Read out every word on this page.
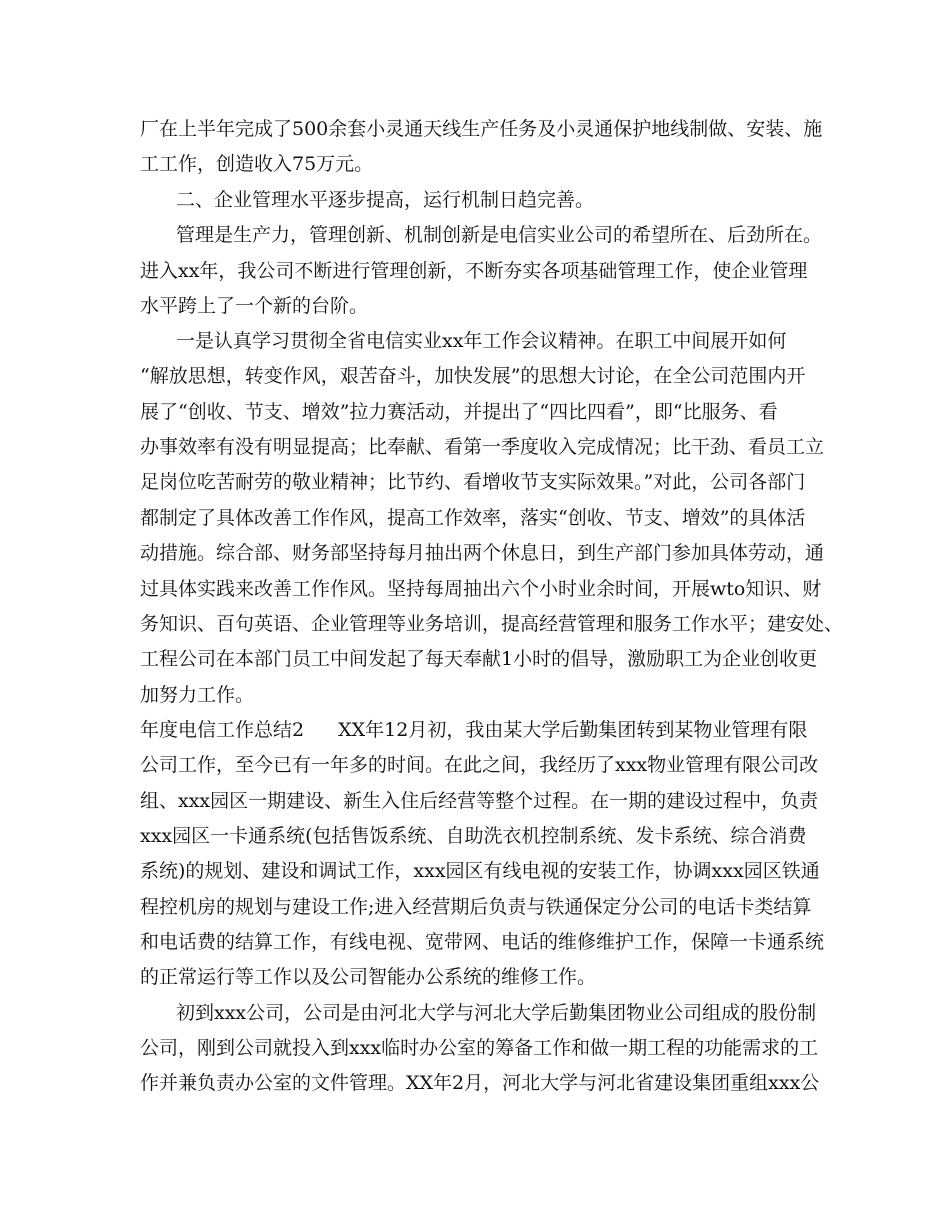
厂在上半年完成了500余套小灵通天线生产任务及小灵通保护地线制做、安装、施
工工作，创造收入75万元。
二、企业管理水平逐步提高，运行机制日趋完善。
管理是生产力，管理创新、机制创新是电信实业公司的希望所在、后劲所在。
进入xx年，我公司不断进行管理创新，不断夯实各项基础管理工作，使企业管理
水平跨上了一个新的台阶。
一是认真学习贯彻全省电信实业xx年工作会议精神。在职工中间展开如何
“解放思想，转变作风，艰苦奋斗，加快发展”的思想大讨论，在全公司范围内开
展了“创收、节支、增效”拉力赛活动，并提出了“四比四看”，即“比服务、看
办事效率有没有明显提高；比奉献、看第一季度收入完成情况；比干劲、看员工立
足岗位吃苦耐劳的敬业精神；比节约、看增收节支实际效果。”对此，公司各部门
都制定了具体改善工作作风，提高工作效率，落实“创收、节支、增效”的具体活
动措施。综合部、财务部坚持每月抽出两个休息日，到生产部门参加具体劳动，通
过具体实践来改善工作作风。坚持每周抽出六个小时业余时间，开展wto知识、财
务知识、百句英语、企业管理等业务培训，提高经营管理和服务工作水平；建安处、
工程公司在本部门员工中间发起了每天奉献1小时的倡导，激励职工为企业创收更
加努力工作。
年度电信工作总结2 XX年12月初，我由某大学后勤集团转到某物业管理有限
公司工作，至今已有一年多的时间。在此之间，我经历了xxx物业管理有限公司改
组、xxx园区一期建设、新生入住后经营等整个过程。在一期的建设过程中，负责
xxx园区一卡通系统(包括售饭系统、自助洗衣机控制系统、发卡系统、综合消费
系统)的规划、建设和调试工作，xxx园区有线电视的安装工作，协调xxx园区铁通
程控机房的规划与建设工作;进入经营期后负责与铁通保定分公司的电话卡类结算
和电话费的结算工作，有线电视、宽带网、电话的维修维护工作，保障一卡通系统
的正常运行等工作以及公司智能办公系统的维修工作。
初到xxx公司，公司是由河北大学与河北大学后勤集团物业公司组成的股份制
公司，刚到公司就投入到xxx临时办公室的筹备工作和做一期工程的功能需求的工
作并兼负责办公室的文件管理。XX年2月，河北大学与河北省建设集团重组xxx公
